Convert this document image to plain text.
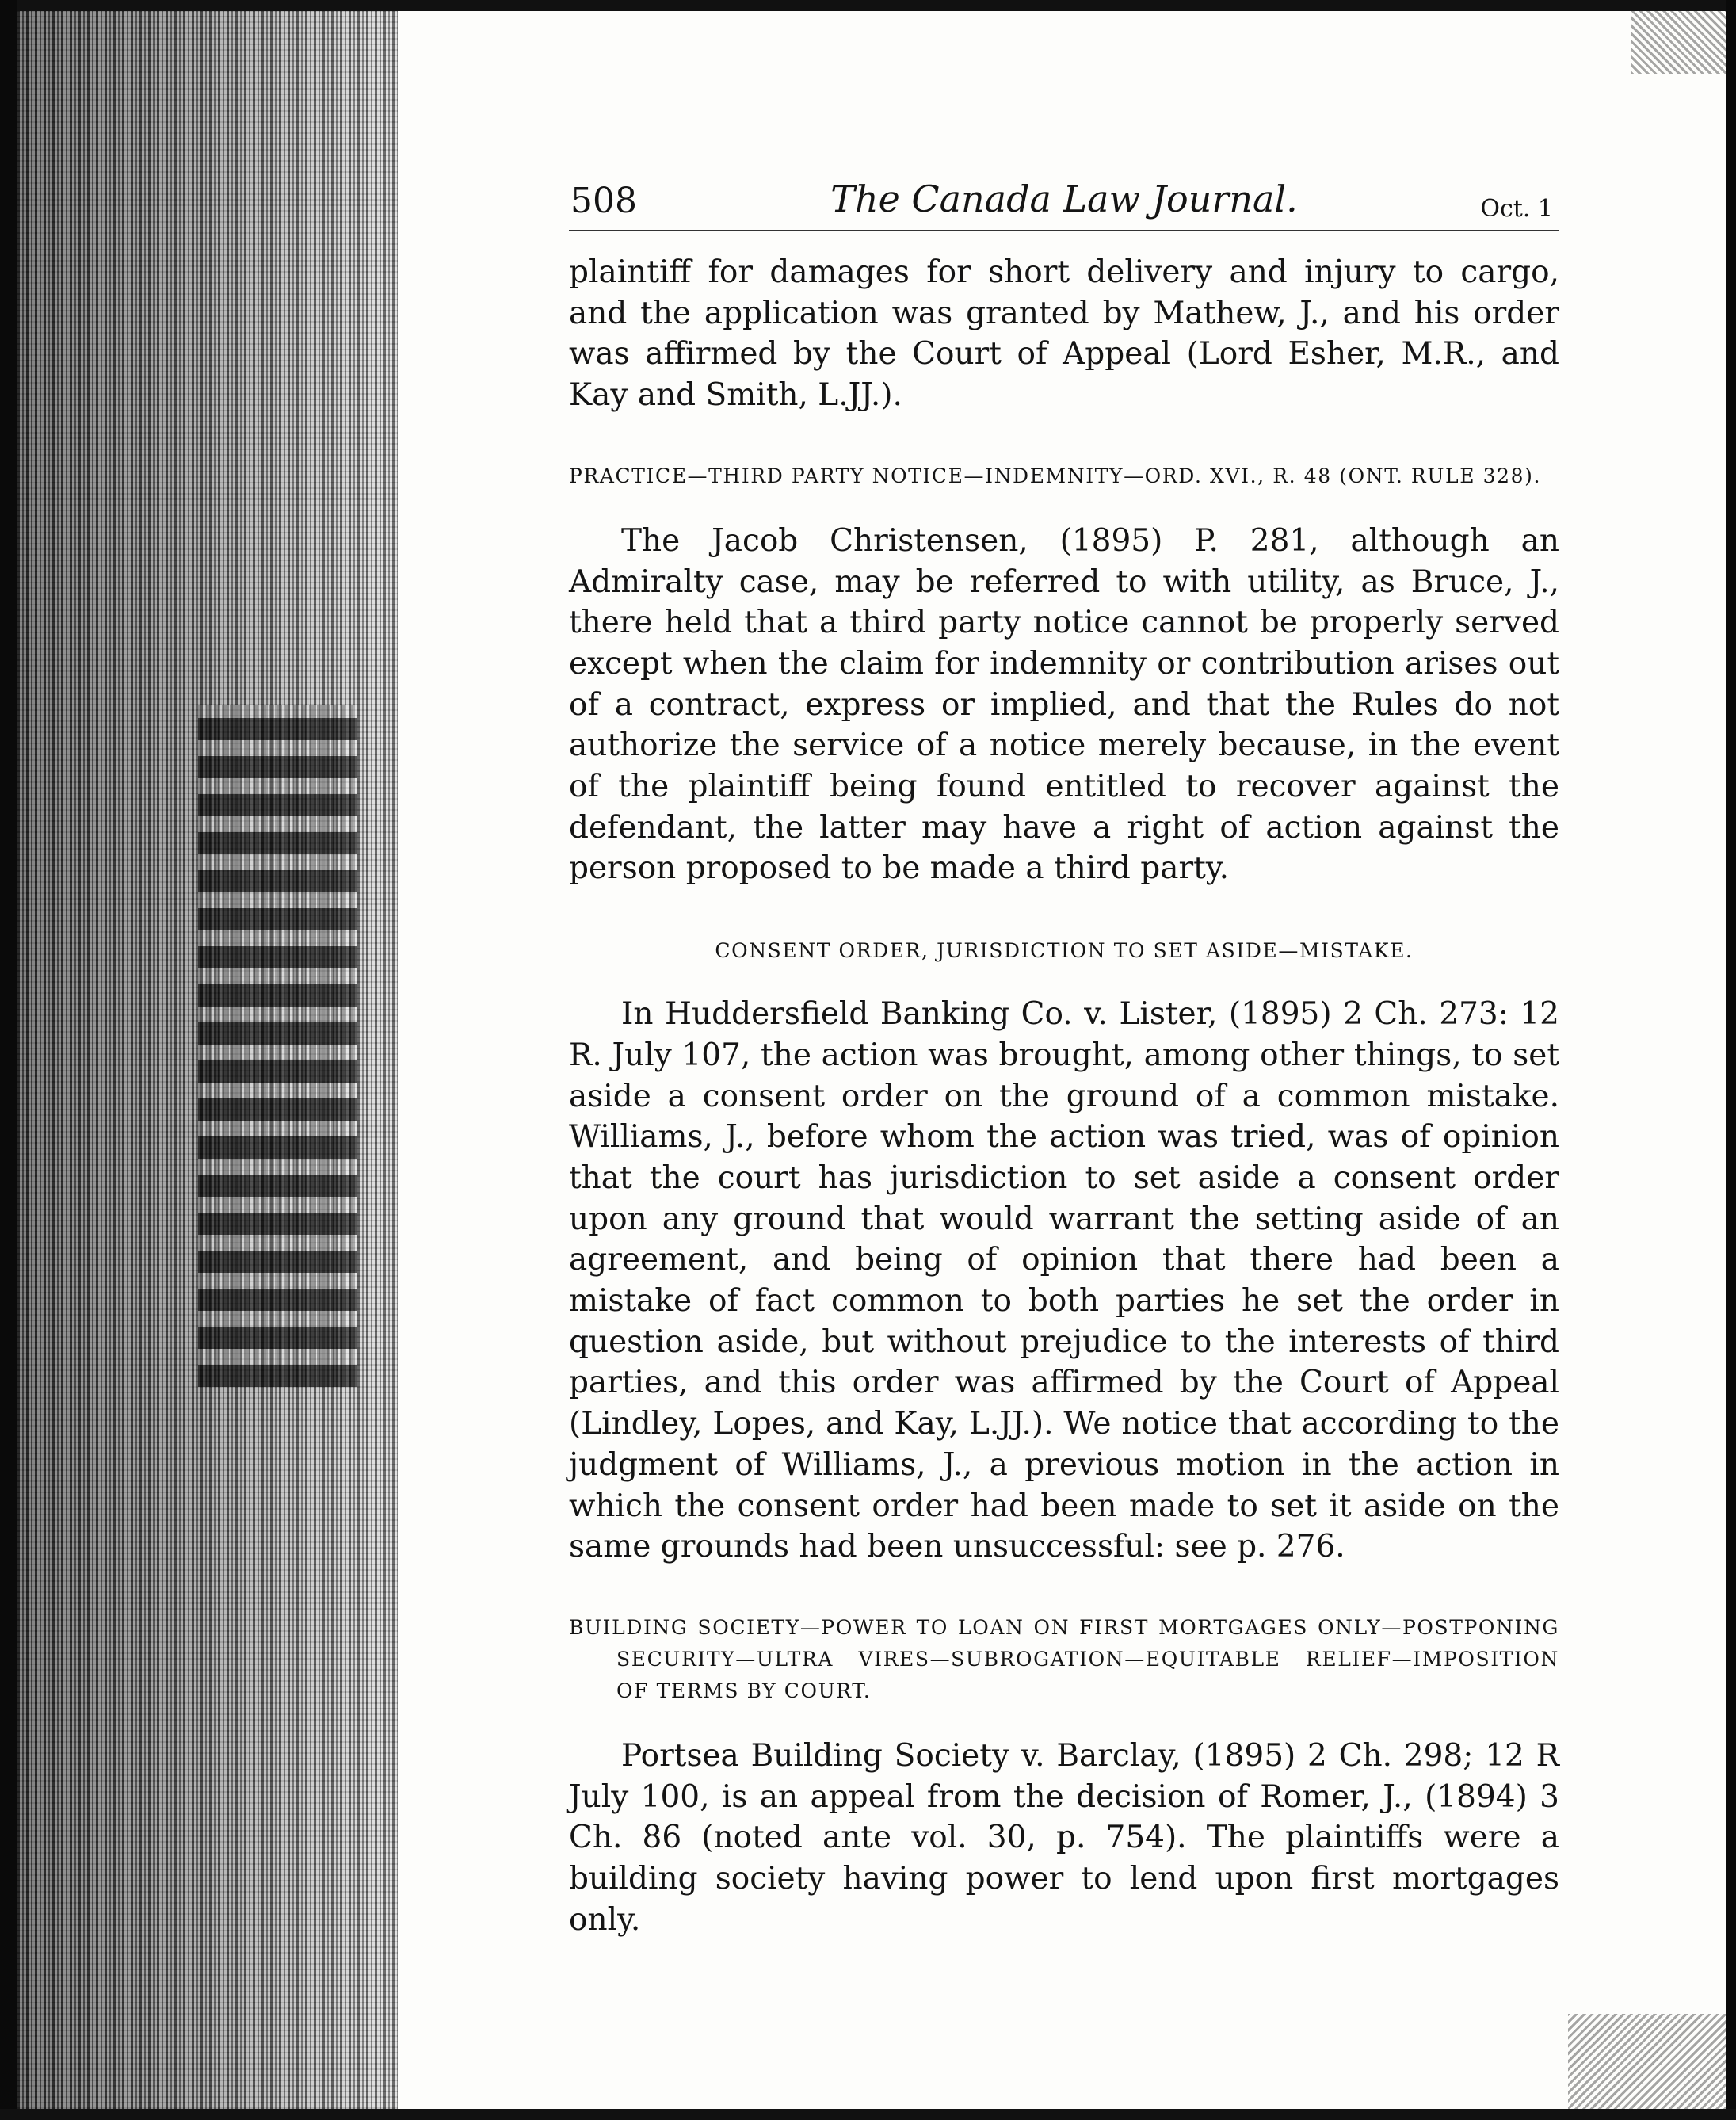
508	The Canada Law Journal.	Oct. 1

plaintiff for damages for short delivery and injury to cargo, and the application was granted by Mathew, J., and his order was affirmed by the Court of Appeal (Lord Esher, M.R., and Kay and Smith, L.JJ.).

PRACTICE—THIRD PARTY NOTICE—INDEMNITY—ORD. XVI., R. 48 (ONT. RULE 328).

The Jacob Christensen, (1895) P. 281, although an Admiralty case, may be referred to with utility, as Bruce, J., there held that a third party notice cannot be properly served except when the claim for indemnity or contribution arises out of a contract, express or implied, and that the Rules do not authorize the service of a notice merely because, in the event of the plaintiff being found entitled to recover against the defendant, the latter may have a right of action against the person proposed to be made a third party.

CONSENT ORDER, JURISDICTION TO SET ASIDE—MISTAKE.

In Huddersfield Banking Co. v. Lister, (1895) 2 Ch. 273: 12 R. July 107, the action was brought, among other things, to set aside a consent order on the ground of a common mistake. Williams, J., before whom the action was tried, was of opinion that the court has jurisdiction to set aside a consent order upon any ground that would warrant the setting aside of an agreement, and being of opinion that there had been a mistake of fact common to both parties he set the order in question aside, but without prejudice to the interests of third parties, and this order was affirmed by the Court of Appeal (Lindley, Lopes, and Kay, L.JJ.). We notice that according to the judgment of Williams, J., a previous motion in the action in which the consent order had been made to set it aside on the same grounds had been unsuccessful: see p. 276.

BUILDING SOCIETY—POWER TO LOAN ON FIRST MORTGAGES ONLY—POSTPONING SECURITY—ULTRA VIRES—SUBROGATION—EQUITABLE RELIEF—IMPOSITION OF TERMS BY COURT.

Portsea Building Society v. Barclay, (1895) 2 Ch. 298; 12 R July 100, is an appeal from the decision of Romer, J., (1894) 3 Ch. 86 (noted ante vol. 30, p. 754). The plaintiffs were a building society having power to lend upon first mortgages only.
